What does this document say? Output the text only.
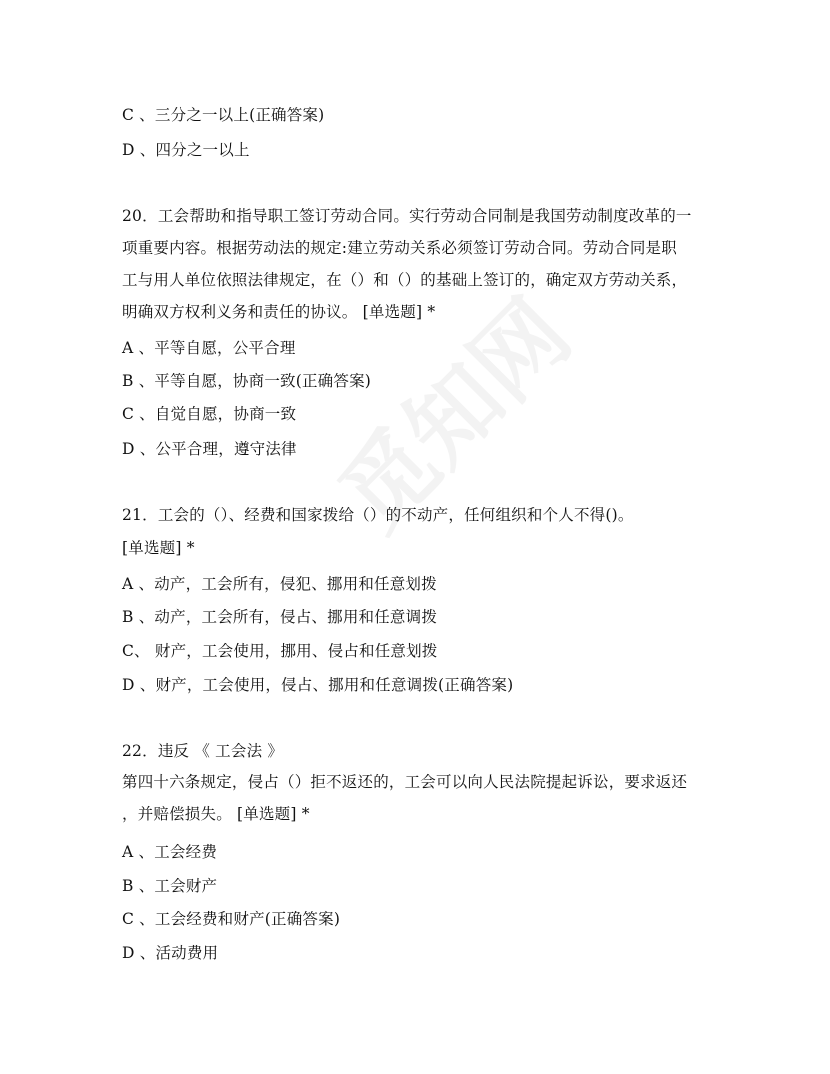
C 、三分之一以上(正确答案)
D 、四分之一以上
20．工会帮助和指导职工签订劳动合同。实行劳动合同制是我国劳动制度改革的一
项重要内容。根据劳动法的规定:建立劳动关系必须签订劳动合同。劳动合同是职
工与用人单位依照法律规定，在（）和（）的基础上签订的，确定双方劳动关系，
明确双方权利义务和责任的协议。 [单选题] *
A 、平等自愿，公平合理
B 、平等自愿，协商一致(正确答案)
C 、自觉自愿，协商一致
D 、公平合理，遵守法律
21．工会的（）、经费和国家拨给（）的不动产，任何组织和个人不得()。
[单选题] *
A 、动产，工会所有，侵犯、挪用和任意划拨
B 、动产，工会所有，侵占、挪用和任意调拨
C、 财产，工会使用，挪用、侵占和任意划拨
D 、财产，工会使用，侵占、挪用和任意调拨(正确答案)
22．违反 《 工会法 》
第四十六条规定，侵占（）拒不返还的，工会可以向人民法院提起诉讼，要求返还
，并赔偿损失。 [单选题] *
A 、工会经费
B 、工会财产
C 、工会经费和财产(正确答案)
D 、活动费用
